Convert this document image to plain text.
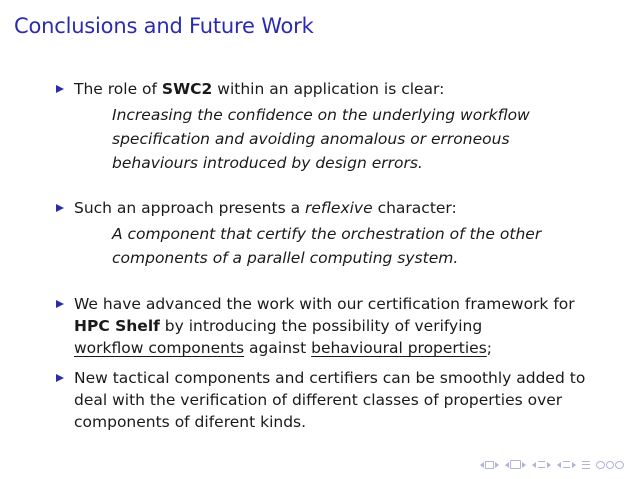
Conclusions and Future Work
The role of SWC2 within an application is clear:
Increasing the confidence on the underlying workflow specification and avoiding anomalous or erroneous behaviours introduced by design errors.
Such an approach presents a reflexive character:
A component that certify the orchestration of the other components of a parallel computing system.
We have advanced the work with our certification framework for
HPC Shelf by introducing the possibility of verifying
workflow components against behavioural properties;
New tactical components and certifiers can be smoothly added to deal with the verification of different classes of properties over components of diferent kinds.
